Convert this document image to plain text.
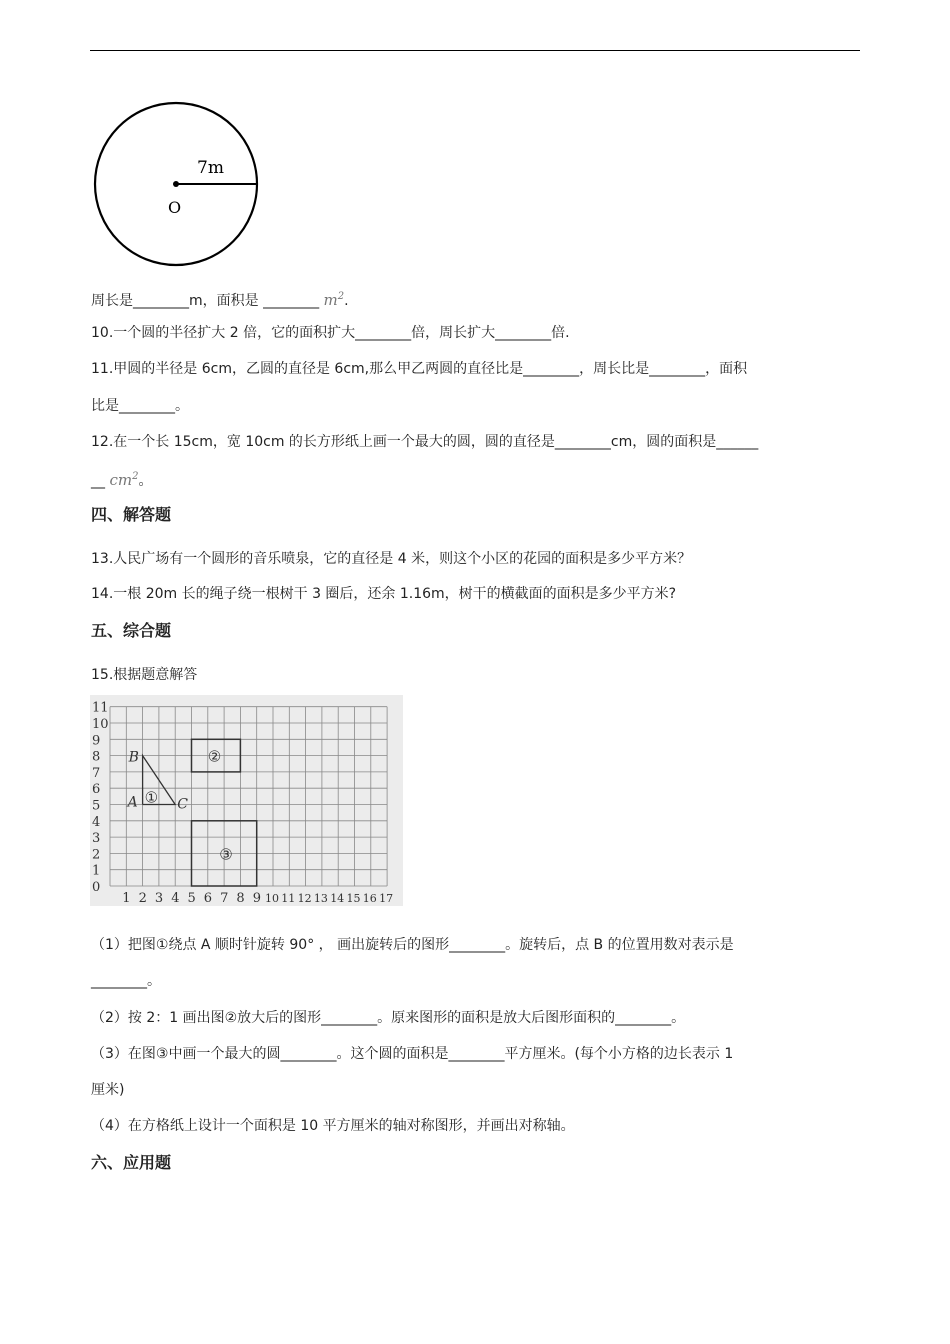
7m
O
周长是________m，面积是 ________ $m^2$.
10.一个圆的半径扩大 2 倍，它的面积扩大________倍，周长扩大________倍.
11.甲圆的半径是 6cm，乙圆的直径是 6cm,那么甲乙两圆的直径比是________，周长比是________，面积
比是________。
12.在一个长 15cm，宽 10cm 的长方形纸上画一个最大的圆，圆的直径是________cm，圆的面积是______
__ $cm^2$。
四、解答题
13.人民广场有一个圆形的音乐喷泉，它的直径是 4 米，则这个小区的花园的面积是多少平方米？
14.一根 20m 长的绳子绕一根树干 3 圈后，还余 1.16m，树干的横截面的面积是多少平方米?
五、综合题
15.根据题意解答
0
1
2
3
4
5
6
7
8
9
10
11
1 2 3 4 5 6 7 8 9 10 11 12 13 14 15 16 17
A
B
C
①
②
③
（1）把图①绕点 A 顺时针旋转 90° ， 画出旋转后的图形________。旋转后，点 B 的位置用数对表示是
________。
（2）按 2：1 画出图②放大后的图形________。原来图形的面积是放大后图形面积的________。
（3）在图③中画一个最大的圆________。这个圆的面积是________平方厘米。(每个小方格的边长表示 1
厘米)
（4）在方格纸上设计一个面积是 10 平方厘米的轴对称图形，并画出对称轴。
六、应用题
